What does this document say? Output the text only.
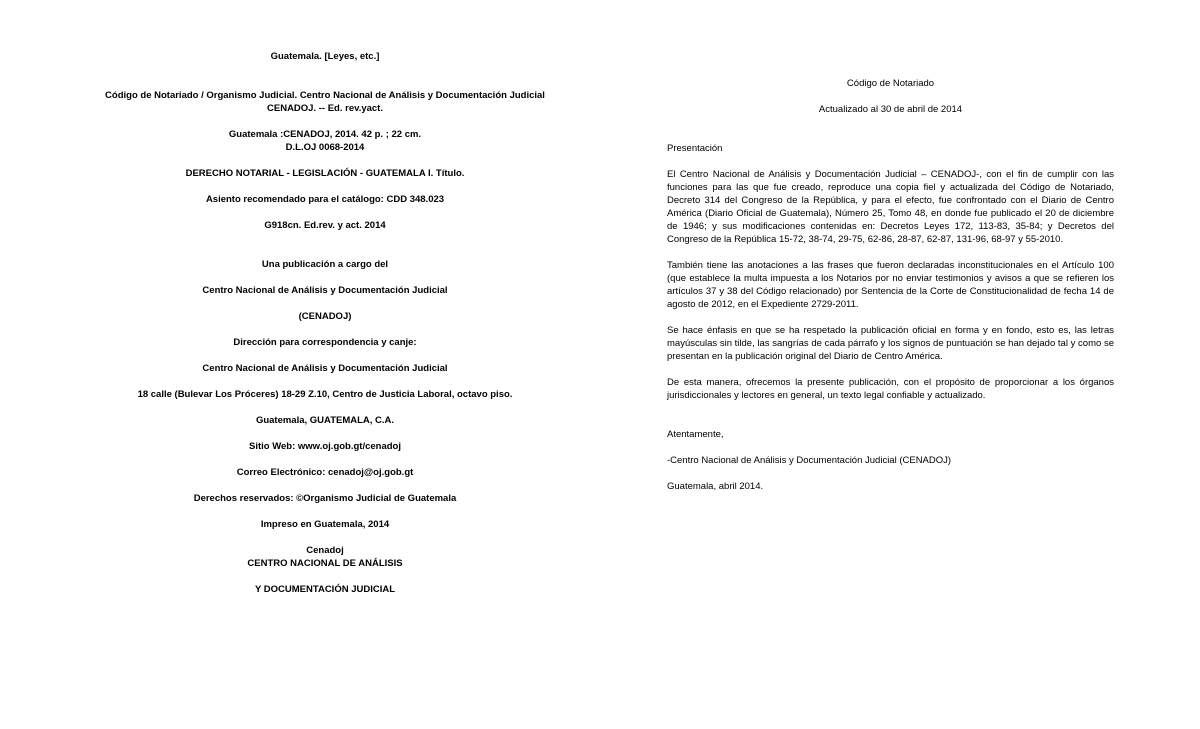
Guatemala. [Leyes, etc.]
Código de Notariado / Organismo Judicial. Centro Nacional de Análisis y Documentación Judicial
CENADOJ. -- Ed. rev.yact.
Guatemala :CENADOJ, 2014. 42 p. ; 22 cm.
D.L.OJ 0068-2014
DERECHO NOTARIAL - LEGISLACIÓN - GUATEMALA I. Título.
Asiento recomendado para el catálogo: CDD 348.023
G918cn. Ed.rev. y act. 2014
Una publicación a cargo del
Centro Nacional de Análisis y Documentación Judicial
(CENADOJ)
Dirección para correspondencia y canje:
Centro Nacional de Análisis y Documentación Judicial
18 calle (Bulevar Los Próceres) 18-29 Z.10, Centro de Justicia Laboral, octavo piso.
Guatemala, GUATEMALA, C.A.
Sitio Web: www.oj.gob.gt/cenadoj
Correo Electrónico: cenadoj@oj.gob.gt
Derechos reservados: ©Organismo Judicial de Guatemala
Impreso en Guatemala, 2014
Cenadoj
CENTRO NACIONAL DE ANÁLISIS
Y DOCUMENTACIÓN JUDICIAL
Código de Notariado
Actualizado al 30 de abril de 2014
Presentación

El Centro Nacional de Análisis y Documentación Judicial – CENADOJ-, con el fin de cumplir con las funciones para las que fue creado, reproduce una copia fiel y actualizada del Código de Notariado, Decreto 314 del Congreso de la República, y para el efecto, fue confrontado con el Diario de Centro América (Diario Oficial de Guatemala), Número 25, Tomo 48, en donde fue publicado el 20 de diciembre de 1946; y sus modificaciones contenidas en: Decretos Leyes 172, 113-83, 35-84; y Decretos del Congreso de la República 15-72, 38-74, 29-75, 62-86, 28-87, 62-87, 131-96, 68-97 y 55-2010.

También tiene las anotaciones a las frases que fueron declaradas inconstitucionales en el Artículo 100 (que establece la multa impuesta a los Notarios por no enviar testimonios y avisos a que se refieren los artículos 37 y 38 del Código relacionado) por Sentencia de la Corte de Constitucionalidad de fecha 14 de agosto de 2012, en el Expediente 2729-2011.

Se hace énfasis en que se ha respetado la publicación oficial en forma y en fondo, esto es, las letras mayúsculas sin tilde, las sangrías de cada párrafo y los signos de puntuación se han dejado tal y como se presentan en la publicación original del Diario de Centro América.

De esta manera, ofrecemos la presente publicación, con el propósito de proporcionar a los órganos jurisdiccionales y lectores en general, un texto legal confiable y actualizado.

Atentamente,
-Centro Nacional de Análisis y Documentación Judicial (CENADOJ)
Guatemala, abril 2014.
